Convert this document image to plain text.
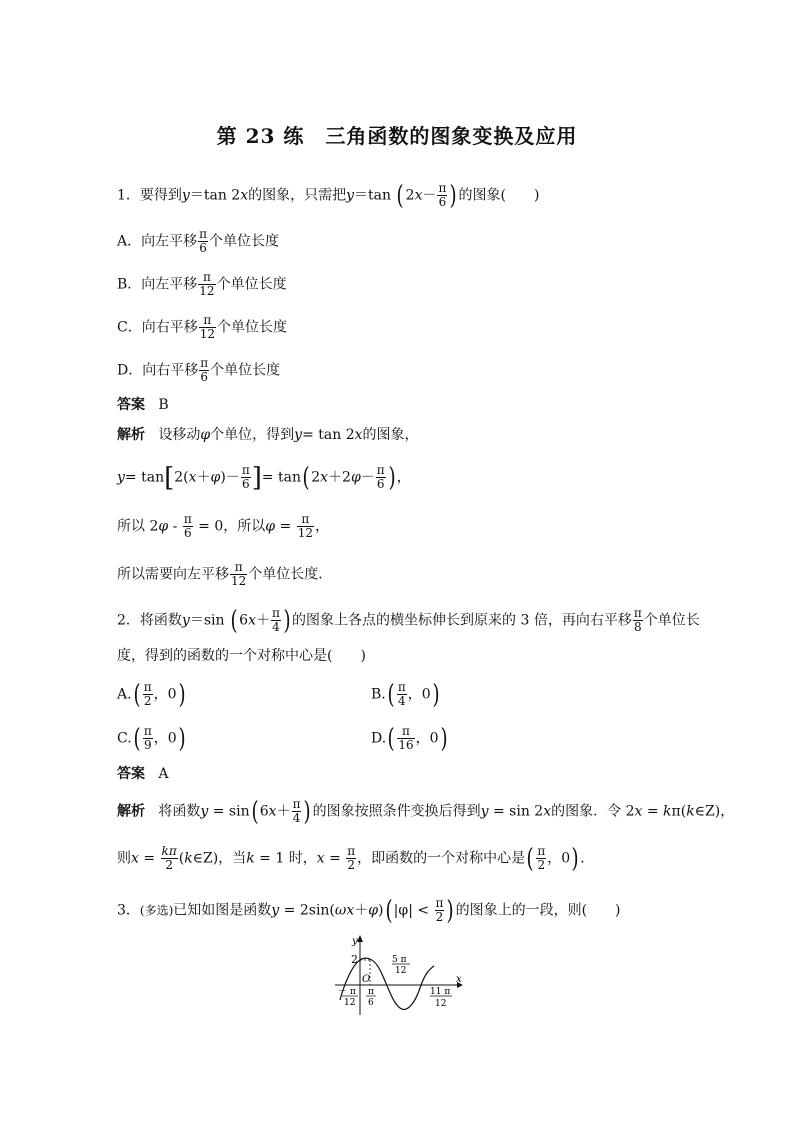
第 23 练　三角函数的图象变换及应用
1．要得到y＝tan 2x的图象，只需把y＝tan ( $2x- \frac{\pi}{6}$ ) 的图象(　　)
A．向左平移 $\frac{\pi}{6}$ 个单位长度
B．向左平移 $\frac{\pi}{12}$ 个单位长度
C．向右平移 $\frac{\pi}{12}$ 个单位长度
D．向右平移 $\frac{\pi}{6}$ 个单位长度
答案 B
解析 设移动φ个单位，得到y= tan 2x的图象，
$y= \tan[2(x+\varphi)- \frac{\pi}{6}$ ]= tan( $2x+2\varphi- \frac{\pi}{6}$ ) ，
所以 $2\varphi - \frac{\pi}{6} = 0$，所以$\varphi = \frac{\pi}{12}$ ，
所以需要向左平移 $\frac{\pi}{12}$ 个单位长度．
2．将函数y＝sin ( $6x+ \frac{\pi}{4}$ ) 的图象上各点的横坐标伸长到原来的 3 倍，再向右平移 $\frac{\pi}{8}$ 个单位长
度，得到的函数的一个对称中心是(　　)
$A.( \frac{\pi}{2}$ ，0)	$B.( \frac{\pi}{4}$ ，0)
$C.( \frac{\pi}{9}$ ，0)	$D.( \frac{\pi}{16}$ ，0)
答案 A
解析 将函数y = sin( $6x+ \frac{\pi}{4}$ ) 的图象按照条件变换后得到y = sin 2x的图象．令 2x = kπ(k∈Z)，
则$x = \frac{k\pi}{2}$ (k∈Z)，当k = 1 时，$x = \frac{\pi}{2}$ ，即函数的一个对称中心是( $\frac{\pi}{2}$ ，0) ．
3．(多选)已知如图是函数y = 2sin(ωx＋φ)( $|\varphi| < \frac{\pi}{2}$ ) 的图象上的一段，则(　　)
y
x
2
O
5 π
12
－ π
12
π
6
11 π
12
